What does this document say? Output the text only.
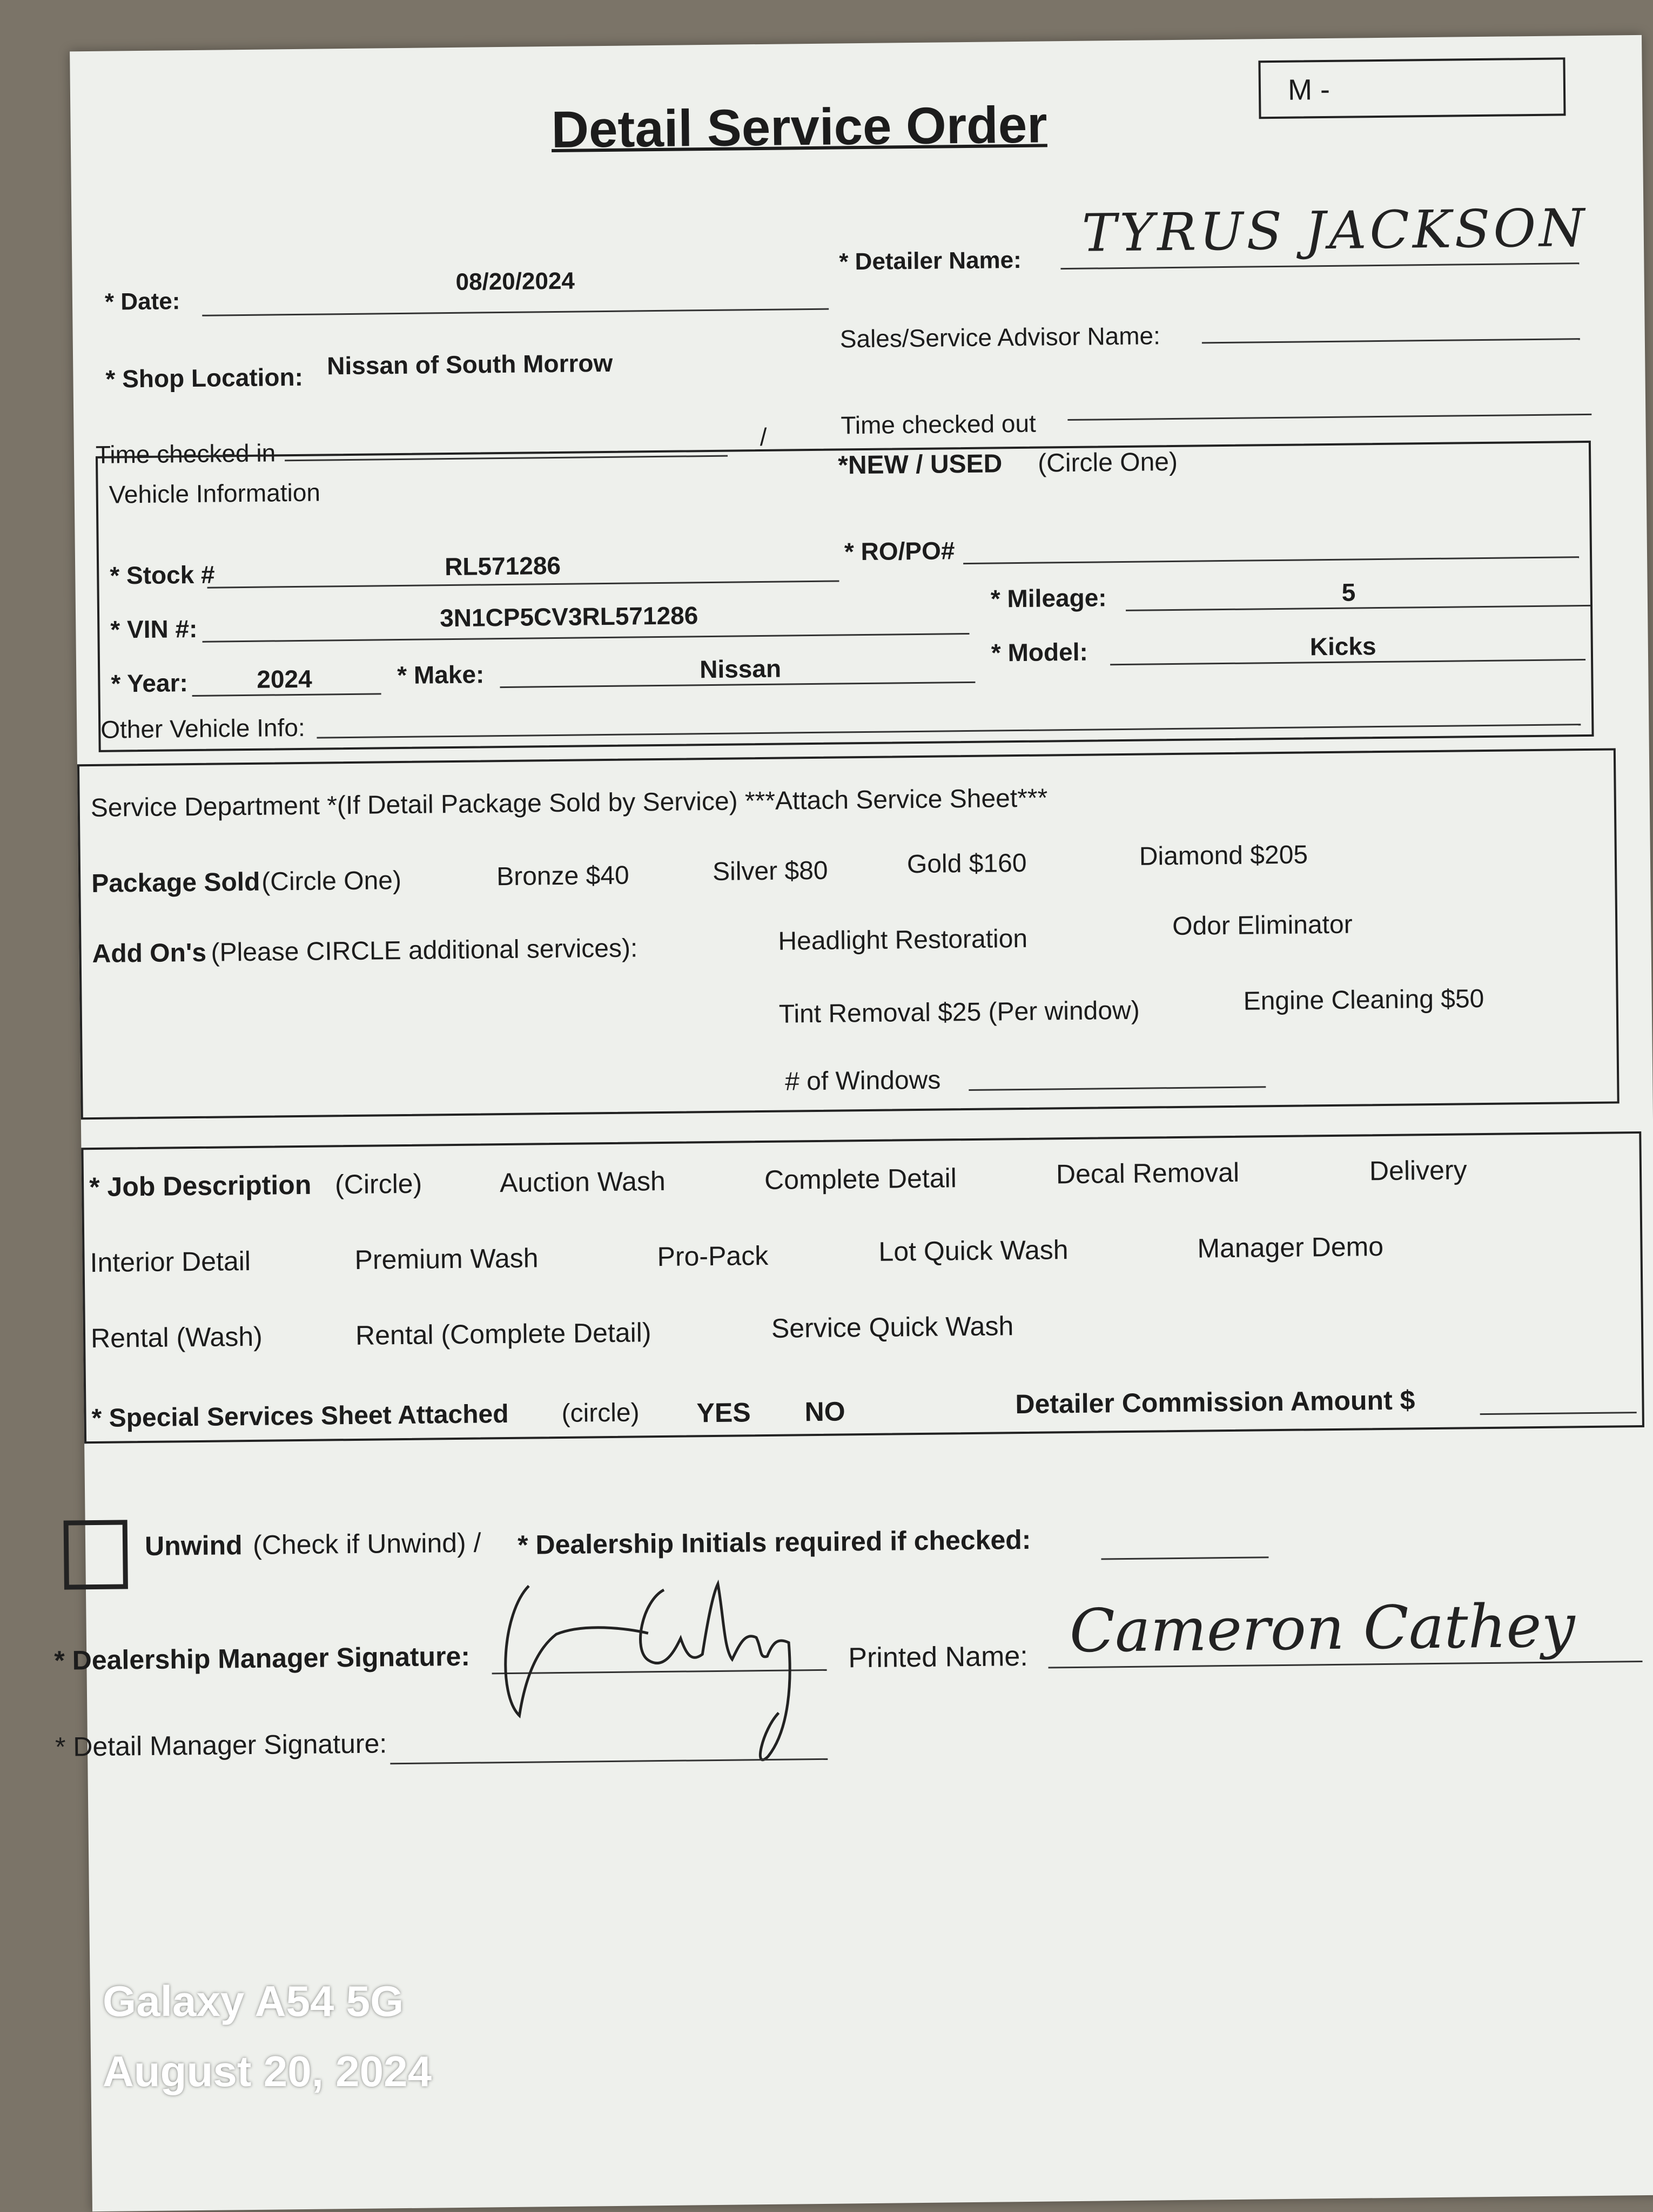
Detail Service Order
M -
* Date:
08/20/2024
* Detailer Name: TYRUS JACKSON
* Shop Location: Nissan of South Morrow
Sales/Service Advisor Name:
Time checked in
/	Time checked out
Vehicle Information
*NEW / USED (Circle One)
* Stock #	RL571286
* RO/PO#
* VIN #:	3N1CP5CV3RL571286
* Mileage:	5
* Year:	2024	* Make:	Nissan
* Model:	Kicks
Other Vehicle Info:
Service Department *(If Detail Package Sold by Service) ***Attach Service Sheet***
Package Sold (Circle One)	Bronze $40	Silver $80	Gold $160	Diamond $205
Add On's (Please CIRCLE additional services):	Headlight Restoration	Odor Eliminator
Tint Removal $25 (Per window)	Engine Cleaning $50
# of Windows
* Job Description (Circle)	Auction Wash	Complete Detail	Decal Removal	Delivery
Interior Detail	Premium Wash	Pro-Pack	Lot Quick Wash	Manager Demo
Rental (Wash)	Rental (Complete Detail)	Service Quick Wash
* Special Services Sheet Attached (circle) YES NO	Detailer Commission Amount $
Unwind (Check if Unwind) / * Dealership Initials required if checked:
* Dealership Manager Signature:	Printed Name: Cameron Cathey
* Detail Manager Signature:
Galaxy A54 5G
August 20, 2024
